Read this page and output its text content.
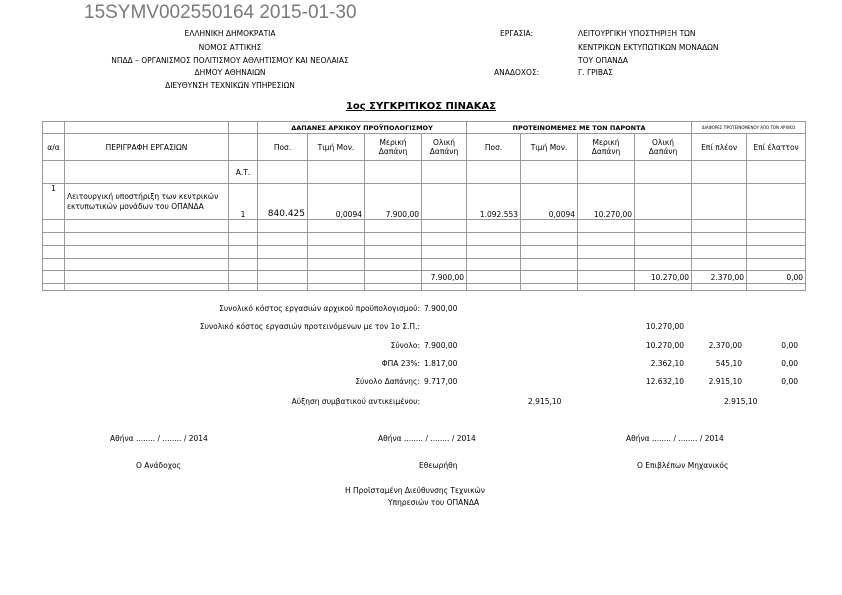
15SYMV002550164 2015-01-30
ΕΛΛΗΝΙΚΗ ΔΗΜΟΚΡΑΤΙΑ
ΝΟΜΟΣ ΑΤΤΙΚΗΣ
ΝΠΔΔ – ΟΡΓΑΝΙΣΜΟΣ ΠΟΛΙΤΙΣΜΟΥ ΑΘΛΗΤΙΣΜΟΥ ΚΑΙ ΝΕΟΛΑΙΑΣ
ΔΗΜΟΥ ΑΘΗΝΑΙΩΝ
ΔΙΕΥΘΥΝΣΗ ΤΕΧΝΙΚΩΝ ΥΠΗΡΕΣΙΩΝ
ΕΡΓΑΣΙΑ:	ΛΕΙΤΟΥΡΓΙΚΗ ΥΠΟΣΤΗΡΙΞΗ ΤΩΝ
ΚΕΝΤΡΙΚΩΝ ΕΚΤΥΠΩΤΙΚΩΝ ΜΟΝΑΔΩΝ
ΤΟΥ ΟΠΑΝΔΑ
ΑΝΑΔΟΧΟΣ:	Γ. ΓΡΙΒΑΣ
1ος ΣΥΓΚΡΙΤΙΚΟΣ ΠΙΝΑΚΑΣ
			ΔΑΠΑΝΕΣ ΑΡΧΙΚΟΥ ΠΡΟΫΠΟΛΟΓΙΣΜΟΥ				ΠΡΟΤΕΙΝΟΜΕΜΕΣ ΜΕ ΤΟΝ ΠΑΡΟΝΤΑ				ΔΙΑΦΟΡΕΣ ΠΡΟΤΕΙΝΟΜΕΝΟΥ ΑΠΟ ΤΟΝ ΑΡΧΙΚΟ	
α/α	ΠΕΡΙΓΡΑΦΗ ΕΡΓΑΣΙΩΝ		Ποσ.	Τιμή Μον.	Μερική Δαπάνη	Ολική Δαπάνη	Ποσ.	Τιμή Μον.	Μερική Δαπάνη	Ολική Δαπάνη	Επί πλέον	Επί έλαττον
		Α.Τ.										
1	Λειτουργική υποστήριξη των κεντρικών εκτυπωτικών μονάδων του ΟΠΑΝΔΑ	1	840.425	0,0094	7.900,00		1.092.553	0,0094	10.270,00			

						7.900,00				10.270,00	2.370,00	0,00

Συνολικό κόστος εργασιών αρχικού προϋπολογισμού: 7.900,00
Συνολικό κόστος εργασιών προτεινόμενων με τον 1ο Σ.Π.:	10.270,00
Σύνολο: 7.900,00	10.270,00	2.370,00	0,00
ΦΠΑ 23%: 1.817,00	2.362,10	545,10	0,00
Σύνολο Δαπάνης: 9.717,00	12.632,10	2.915,10	0,00
Αύξηση συμβατικού αντικειμένου:	2.915,10	2.915,10
Αθήνα ........ / ........ / 2014	Αθήνα ........ / ........ / 2014	Αθήνα ........ / ........ / 2014
Ο Ανάδοχος	Εθεωρήθη	Ο Επιβλέπων Μηχανικός
Η Προϊσταμένη Διεύθυνσης Τεχνικών
Υπηρεσιών του ΟΠΑΝΔΑ
